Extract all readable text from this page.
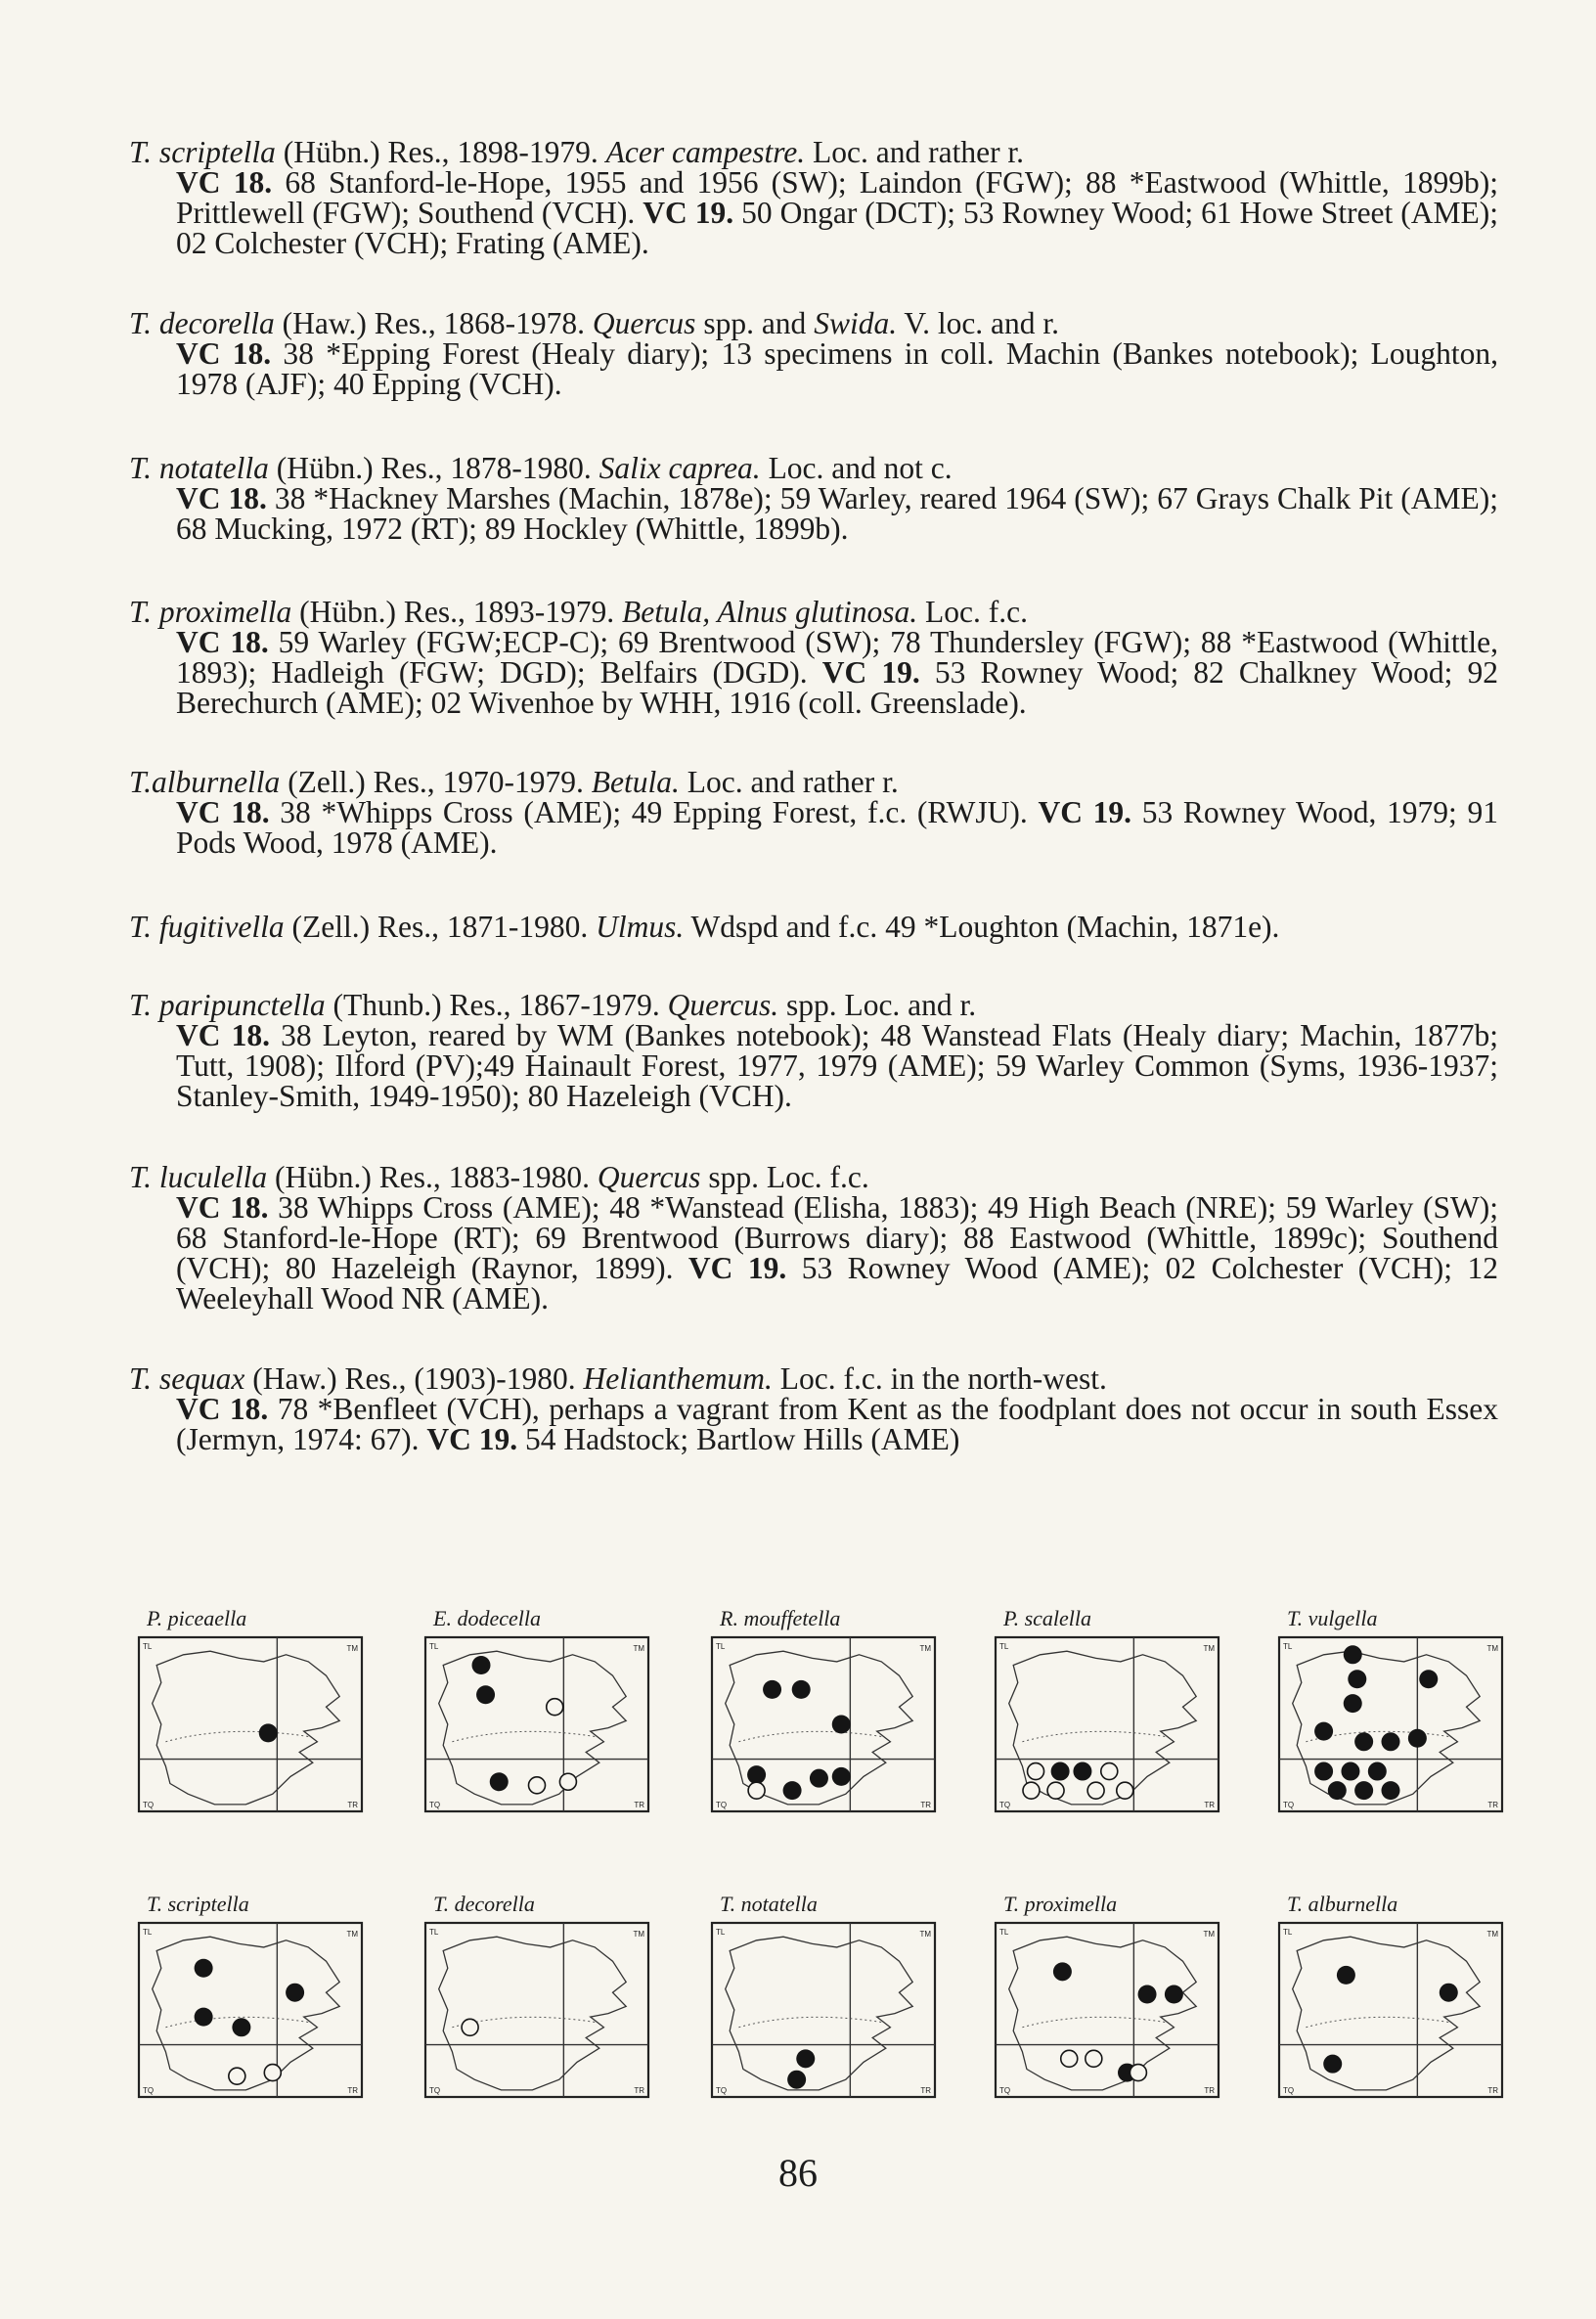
T. scriptella (Hübn.) Res., 1898-1979. Acer campestre. Loc. and rather r.

VC 18. 68 Stanford-le-Hope, 1955 and 1956 (SW); Laindon (FGW); 88 *Eastwood (Whittle, 1899b); Prittlewell (FGW); Southend (VCH). VC 19. 50 Ongar (DCT); 53 Rowney Wood; 61 Howe Street (AME); 02 Colchester (VCH); Frating (AME).

T. decorella (Haw.) Res., 1868-1978. Quercus spp. and Swida. V. loc. and r.

VC 18. 38 *Epping Forest (Healy diary); 13 specimens in coll. Machin (Bankes notebook); Loughton, 1978 (AJF); 40 Epping (VCH).

T. notatella (Hübn.) Res., 1878-1980. Salix caprea. Loc. and not c.

VC 18. 38 *Hackney Marshes (Machin, 1878e); 59 Warley, reared 1964 (SW); 67 Grays Chalk Pit (AME); 68 Mucking, 1972 (RT); 89 Hockley (Whittle, 1899b).

T. proximella (Hübn.) Res., 1893-1979. Betula, Alnus glutinosa. Loc. f.c.

VC 18. 59 Warley (FGW;ECP-C); 69 Brentwood (SW); 78 Thundersley (FGW); 88 *Eastwood (Whittle, 1893); Hadleigh (FGW; DGD); Belfairs (DGD). VC 19. 53 Rowney Wood; 82 Chalkney Wood; 92 Berechurch (AME); 02 Wivenhoe by WHH, 1916 (coll. Greenslade).

T.alburnella (Zell.) Res., 1970-1979. Betula. Loc. and rather r.

VC 18. 38 *Whipps Cross (AME); 49 Epping Forest, f.c. (RWJU). VC 19. 53 Rowney Wood, 1979; 91 Pods Wood, 1978 (AME).

T. fugitivella (Zell.) Res., 1871-1980. Ulmus. Wdspd and f.c. 49 *Loughton (Machin, 1871e).

T. paripunctella (Thunb.) Res., 1867-1979. Quercus. spp. Loc. and r.

VC 18. 38 Leyton, reared by WM (Bankes notebook); 48 Wanstead Flats (Healy diary; Machin, 1877b; Tutt, 1908); Ilford (PV);49 Hainault Forest, 1977, 1979 (AME); 59 Warley Common (Syms, 1936-1937; Stanley-Smith, 1949-1950); 80 Hazeleigh (VCH).

T. luculella (Hübn.) Res., 1883-1980. Quercus spp. Loc. f.c.

VC 18. 38 Whipps Cross (AME); 48 *Wanstead (Elisha, 1883); 49 High Beach (NRE); 59 Warley (SW); 68 Stanford-le-Hope (RT); 69 Brentwood (Burrows diary); 88 Eastwood (Whittle, 1899c); Southend (VCH); 80 Hazeleigh (Raynor, 1899). VC 19. 53 Rowney Wood (AME); 02 Colchester (VCH); 12 Weeleyhall Wood NR (AME).

T. sequax (Haw.) Res., (1903)-1980. Helianthemum. Loc. f.c. in the north-west.

VC 18. 78 *Benfleet (VCH), perhaps a vagrant from Kent as the foodplant does not occur in south Essex (Jermyn, 1974: 67). VC 19. 54 Hadstock; Bartlow Hills (AME)

P. piceaella
TL	TM
TQ	TR
E. dodecella
TL	TM
TQ	TR
R. mouffetella
TL	TM
TQ	TR
P. scalella
TL	TM
TQ	TR
T. vulgella
TL	TM
TQ	TR
T. scriptella
TL	TM
TQ	TR
T. decorella
TL	TM
TQ	TR
T. notatella
TL	TM
TQ	TR
T. proximella
TL	TM
TQ	TR
T. alburnella
TL	TM
TQ	TR
86
